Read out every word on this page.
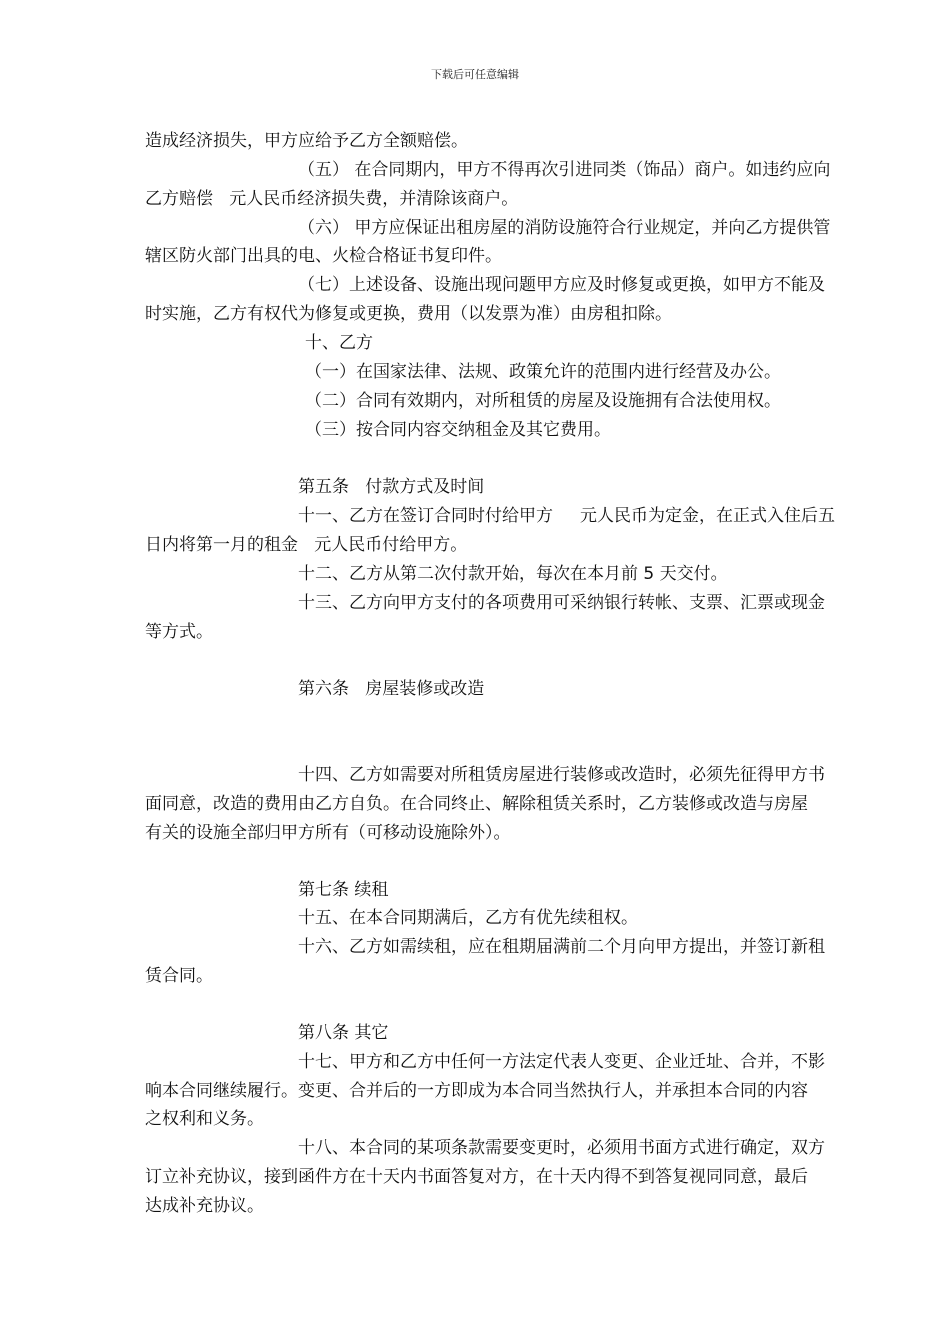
下载后可任意编辑
造成经济损失，甲方应给予乙方全额赔偿。
（五） 在合同期内，甲方不得再次引进同类（饰品）商户。如违约应向
乙方赔偿   元人民币经济损失费，并清除该商户。
（六） 甲方应保证出租房屋的消防设施符合行业规定，并向乙方提供管
辖区防火部门出具的电、火检合格证书复印件。
（七）上述设备、设施出现问题甲方应及时修复或更换，如甲方不能及
时实施，乙方有权代为修复或更换，费用（以发票为准）由房租扣除。
十、乙方
（一）在国家法律、法规、政策允许的范围内进行经营及办公。
（二）合同有效期内，对所租赁的房屋及设施拥有合法使用权。
（三）按合同内容交纳租金及其它费用。
第五条   付款方式及时间
十一、乙方在签订合同时付给甲方     元人民币为定金，在正式入住后五
日内将第一月的租金   元人民币付给甲方。
十二、乙方从第二次付款开始，每次在本月前 5 天交付。
十三、乙方向甲方支付的各项费用可采纳银行转帐、支票、汇票或现金
等方式。
第六条   房屋装修或改造
十四、乙方如需要对所租赁房屋进行装修或改造时，必须先征得甲方书
面同意，改造的费用由乙方自负。在合同终止、解除租赁关系时，乙方装修或改造与房屋
有关的设施全部归甲方所有（可移动设施除外）。
第七条 续租
十五、在本合同期满后，乙方有优先续租权。
十六、乙方如需续租，应在租期届满前二个月向甲方提出，并签订新租
赁合同。
第八条 其它
十七、甲方和乙方中任何一方法定代表人变更、企业迁址、合并，不影
响本合同继续履行。变更、合并后的一方即成为本合同当然执行人，并承担本合同的内容
之权利和义务。
十八、本合同的某项条款需要变更时，必须用书面方式进行确定，双方
订立补充协议，接到函件方在十天内书面答复对方，在十天内得不到答复视同同意，最后
达成补充协议。
